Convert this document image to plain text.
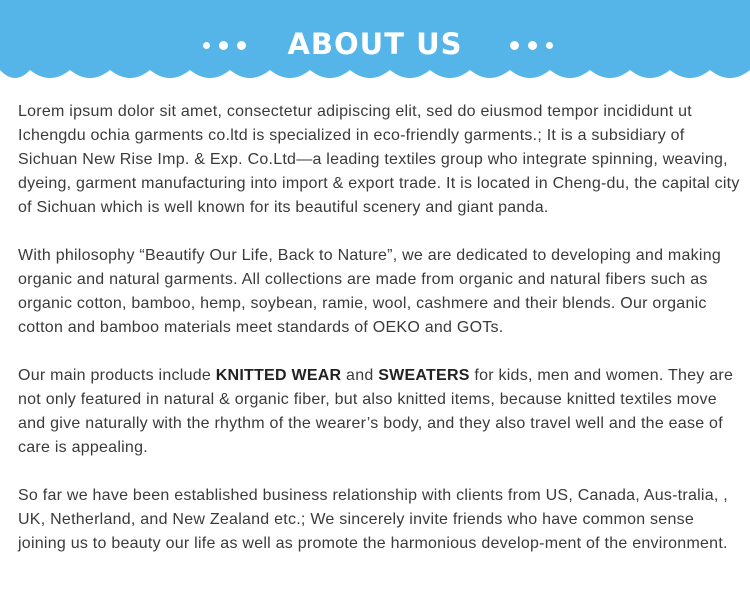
ABOUT US

Lorem ipsum dolor sit amet, consectetur adipiscing elit, sed do eiusmod tempor incididunt ut Ichengdu ochia garments co.ltd is specialized in eco-friendly garments.; It is a subsidiary of Sichuan New Rise Imp. & Exp. Co.Ltd—a leading textiles group who integrate spinning, weaving, dyeing, garment manufacturing into import & export trade. It is located in Cheng-du, the capital city of Sichuan which is well known for its beautiful scenery and giant panda.

With philosophy “Beautify Our Life, Back to Nature”, we are dedicated to developing and making organic and natural garments. All collections are made from organic and natural fibers such as organic cotton, bamboo, hemp, soybean, ramie, wool, cashmere and their blends. Our organic cotton and bamboo materials meet standards of OEKO and GOTs.

Our main products include KNITTED WEAR and SWEATERS for kids, men and women. They are not only featured in natural & organic fiber, but also knitted items, because knitted textiles move and give naturally with the rhythm of the wearer’s body, and they also travel well and the ease of care is appealing.

So far we have been established business relationship with clients from US, Canada, Aus-tralia, , UK, Netherland, and New Zealand etc.; We sincerely invite friends who have common sense joining us to beauty our life as well as promote the harmonious develop-ment of the environment.
